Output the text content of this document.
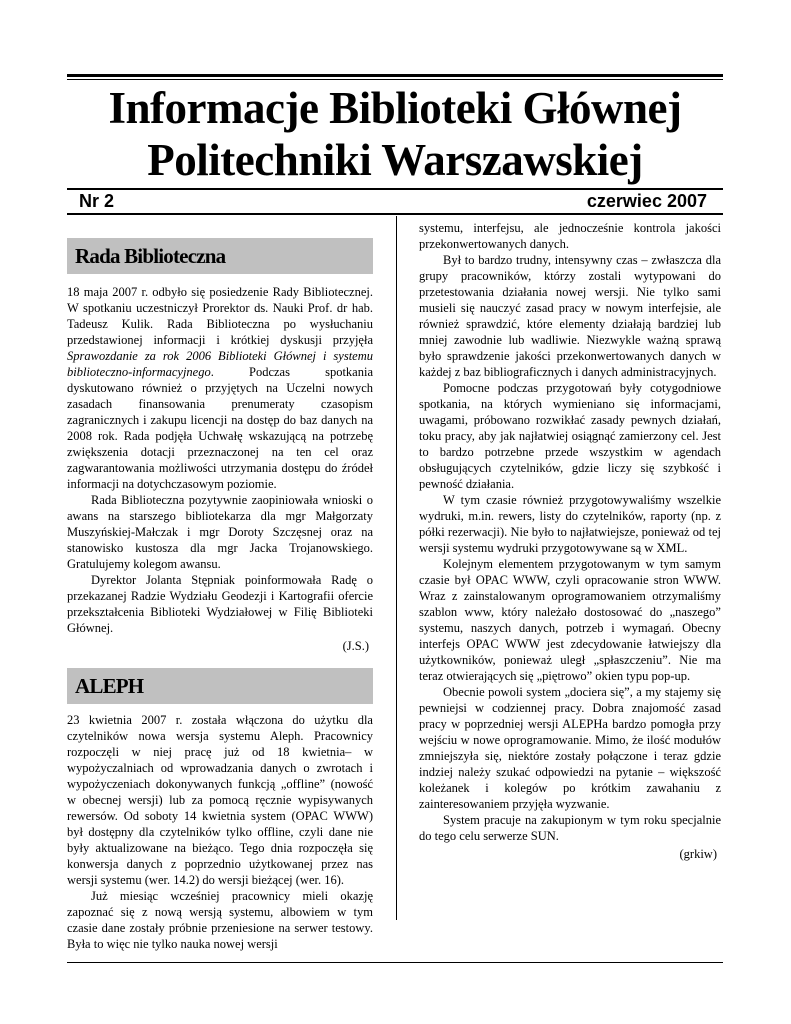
Informacje Biblioteki Głównej
Politechniki Warszawskiej
Nr 2	czerwiec 2007
Rada Biblioteczna

18 maja 2007 r. odbyło się posiedzenie Rady Bibliotecznej. W spotkaniu uczestniczył Prorektor ds. Nauki Prof. dr hab. Tadeusz Kulik. Rada Biblioteczna po wysłuchaniu przedstawionej informacji i krótkiej dyskusji przyjęła Sprawozdanie za rok 2006 Biblioteki Głównej i systemu biblioteczno-informacyjnego. Podczas spotkania dyskutowano również o przyjętych na Uczelni nowych zasadach finansowania prenumeraty czasopism zagranicznych i zakupu licencji na dostęp do baz danych na 2008 rok. Rada podjęła Uchwałę wskazującą na potrzebę zwiększenia dotacji przeznaczonej na ten cel oraz zagwarantowania możliwości utrzymania dostępu do źródeł informacji na dotychczasowym poziomie.

Rada Biblioteczna pozytywnie zaopiniowała wnioski o awans na starszego bibliotekarza dla mgr Małgorzaty Muszyńskiej-Małczak i mgr Doroty Szczęsnej oraz na stanowisko kustosza dla mgr Jacka Trojanowskiego. Gratulujemy kolegom awansu.

Dyrektor Jolanta Stępniak poinformowała Radę o przekazanej Radzie Wydziału Geodezji i Kartografii ofercie przekształcenia Biblioteki Wydziałowej w Filię Biblioteki Głównej.

(J.S.)
ALEPH

23 kwietnia 2007 r. została włączona do użytku dla czytelników nowa wersja systemu Aleph. Pracownicy rozpoczęli w niej pracę już od 18 kwietnia– w wypożyczalniach od wprowadzania danych o zwrotach i wypożyczeniach dokonywanych funkcją „offline” (nowość w obecnej wersji) lub za pomocą ręcznie wypisywanych rewersów. Od soboty 14 kwietnia system (OPAC WWW) był dostępny dla czytelników tylko offline, czyli dane nie były aktualizowane na bieżąco. Tego dnia rozpoczęła się konwersja danych z poprzednio użytkowanej przez nas wersji systemu (wer. 14.2) do wersji bieżącej (wer. 16).

Już miesiąc wcześniej pracownicy mieli okazję zapoznać się z nową wersją systemu, albowiem w tym czasie dane zostały próbnie przeniesione na serwer testowy. Była to więc nie tylko nauka nowej wersji

systemu, interfejsu, ale jednocześnie kontrola jakości przekonwertowanych danych.

Był to bardzo trudny, intensywny czas – zwłaszcza dla grupy pracowników, którzy zostali wytypowani do przetestowania działania nowej wersji. Nie tylko sami musieli się nauczyć zasad pracy w nowym interfejsie, ale również sprawdzić, które elementy działają bardziej lub mniej zawodnie lub wadliwie. Niezwykle ważną sprawą było sprawdzenie jakości przekonwertowanych danych w każdej z baz bibliograficznych i danych administracyjnych.

Pomocne podczas przygotowań były cotygodniowe spotkania, na których wymieniano się informacjami, uwagami, próbowano rozwikłać zasady pewnych działań, toku pracy, aby jak najłatwiej osiągnąć zamierzony cel. Jest to bardzo potrzebne przede wszystkim w agendach obsługujących czytelników, gdzie liczy się szybkość i pewność działania.

W tym czasie również przygotowywaliśmy wszelkie wydruki, m.in. rewers, listy do czytelników, raporty (np. z półki rezerwacji). Nie było to najłatwiejsze, ponieważ od tej wersji systemu wydruki przygotowywane są w XML.

Kolejnym elementem przygotowanym w tym samym czasie był OPAC WWW, czyli opracowanie stron WWW. Wraz z zainstalowanym oprogramowaniem otrzymaliśmy szablon www, który należało dostosować do „naszego” systemu, naszych danych, potrzeb i wymagań. Obecny interfejs OPAC WWW jest zdecydowanie łatwiejszy dla użytkowników, ponieważ uległ „spłaszczeniu”. Nie ma teraz otwierających się „piętrowo” okien typu pop-up.

Obecnie powoli system „dociera się”, a my stajemy się pewniejsi w codziennej pracy. Dobra znajomość zasad pracy w poprzedniej wersji ALEPHa bardzo pomogła przy wejściu w nowe oprogramowanie. Mimo, że ilość modułów zmniejszyła się, niektóre zostały połączone i teraz gdzie indziej należy szukać odpowiedzi na pytanie – większość koleżanek i kolegów po krótkim zawahaniu z zainteresowaniem przyjęła wyzwanie.

System pracuje na zakupionym w tym roku specjalnie do tego celu serwerze SUN.

(grkiw)
